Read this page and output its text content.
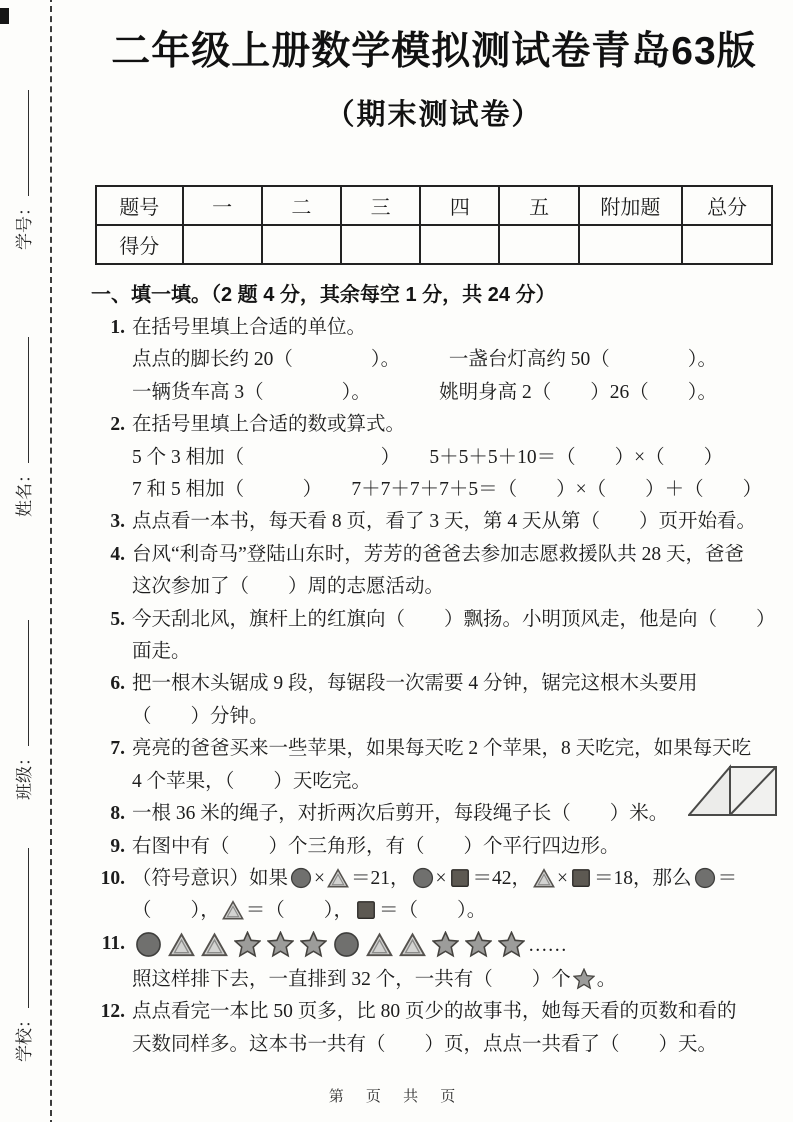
学号：
姓名：
班级：
学校：
二年级上册数学模拟测试卷青岛63版
（期末测试卷）
题号	一	二	三	四	五	附加题	总分
得分							
一、填一填。（2 题 4 分，其余每空 1 分，共 24 分）
1. 在括号里填上合适的单位。
点点的脚长约 20（　　　　）。　　　一盏台灯高约 50（　　　　）。
一辆货车高 3（　　　　）。　　　　姚明身高 2（　　）26（　　）。
2. 在括号里填上合适的数或算式。
5 个 3 相加（　　　　　　　）　　5＋5＋5＋10＝（　　）×（　　）
7 和 5 相加（　　　）　　7＋7＋7＋7＋5＝（　　）×（　　）＋（　　）
3. 点点看一本书，每天看 8 页，看了 3 天，第 4 天从第（　　）页开始看。
4. 台风“利奇马”登陆山东时，芳芳的爸爸去参加志愿救援队共 28 天，爸爸
这次参加了（　　）周的志愿活动。
5. 今天刮北风，旗杆上的红旗向（　　）飘扬。小明顶风走，他是向（　　）
面走。
6. 把一根木头锯成 9 段，每锯段一次需要 4 分钟，锯完这根木头要用
（　　）分钟。
7. 亮亮的爸爸买来一些苹果，如果每天吃 2 个苹果，8 天吃完，如果每天吃
4 个苹果，（　　）天吃完。
8. 一根 36 米的绳子，对折两次后剪开，每段绳子长（　　）米。
9. 右图中有（　　）个三角形，有（　　）个平行四边形。
10. （符号意识）如果 × ＝21， × ＝42， × ＝18，那么 ＝
（　　）， ＝（　　）， ＝（　　）。
11.	……
照这样排下去，一直排到 32 个，一共有（　　）个 。
12. 点点看完一本比 50 页多，比 80 页少的故事书，她每天看的页数和看的
天数同样多。这本书一共有（　　）页，点点一共看了（　　）天。
第 页 共 页
